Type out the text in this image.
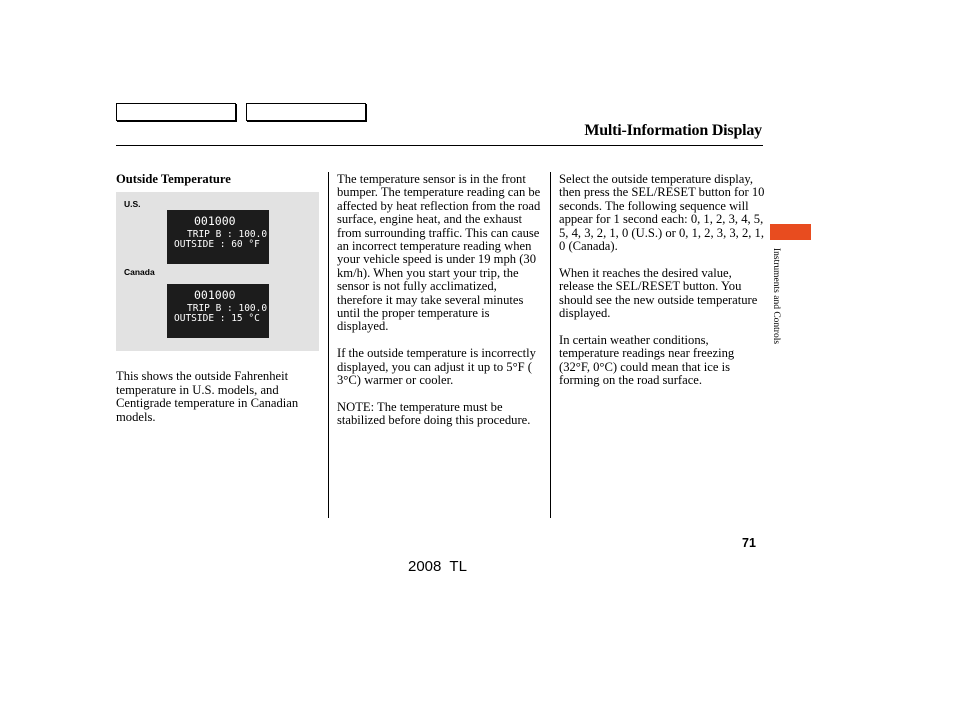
Multi-Information Display
Outside Temperature

This shows the outside Fahrenheit temperature in U.S. models, and Centigrade temperature in Canadian models.

U.S.
001000
TRIP B : 100.0
OUTSIDE : 60 °F
Canada
001000
TRIP B : 100.0
OUTSIDE : 15 °C

The temperature sensor is in the front bumper. The temperature reading can be affected by heat reflection from the road surface, engine heat, and the exhaust from surrounding traffic. This can cause an incorrect temperature reading when your vehicle speed is under 19 mph (30 km/h). When you start your trip, the sensor is not fully acclimatized, therefore it may take several minutes until the proper temperature is displayed.

If the outside temperature is incorrectly displayed, you can adjust it up to 5°F ( 3°C) warmer or cooler.

NOTE: The temperature must be stabilized before doing this procedure.

Select the outside temperature display, then press the SEL/RESET button for 10 seconds. The following sequence will appear for 1 second each: 0, 1, 2, 3, 4, 5, 5, 4, 3, 2, 1, 0 (U.S.) or 0, 1, 2, 3, 3, 2, 1, 0 (Canada).

When it reaches the desired value, release the SEL/RESET button. You should see the new outside temperature displayed.

In certain weather conditions, temperature readings near freezing (32°F, 0°C) could mean that ice is forming on the road surface.

Instruments and Controls
71
2008  TL
